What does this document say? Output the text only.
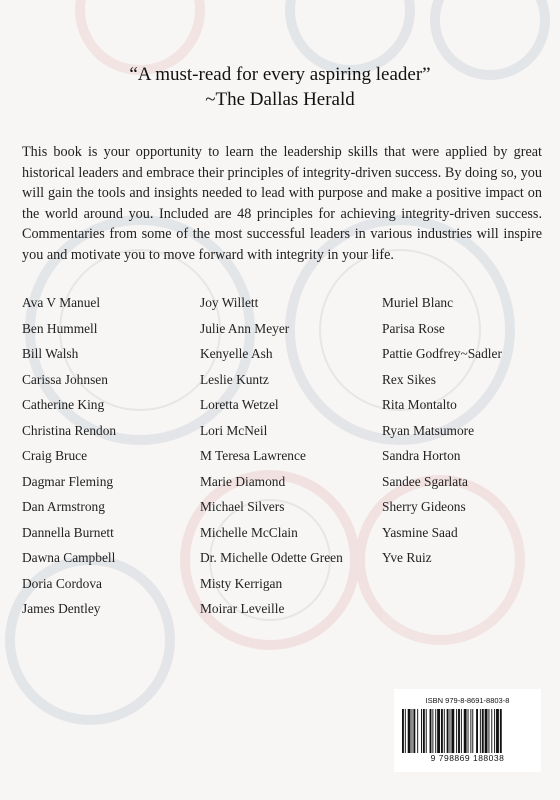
“A must-read for every aspiring leader”
~The Dallas Herald
This book is your opportunity to learn the leadership skills that were applied by great historical leaders and embrace their principles of integrity-driven success. By doing so, you will gain the tools and insights needed to lead with purpose and make a positive impact on the world around you. Included are 48 principles for achieving integrity-driven success. Commentaries from some of the most successful leaders in various industries will inspire you and motivate you to move forward with integrity in your life.
Ava V Manuel
Ben Hummell
Bill Walsh
Carissa Johnsen
Catherine King
Christina Rendon
Craig Bruce
Dagmar Fleming
Dan Armstrong
Dannella Burnett
Dawna Campbell
Doria Cordova
James Dentley
Joy Willett
Julie Ann Meyer
Kenyelle Ash
Leslie Kuntz
Loretta Wetzel
Lori McNeil
M Teresa Lawrence
Marie Diamond
Michael Silvers
Michelle McClain
Dr. Michelle Odette Green
Misty Kerrigan
Moirar Leveille
Muriel Blanc
Parisa Rose
Pattie Godfrey~Sadler
Rex Sikes
Rita Montalto
Ryan Matsumore
Sandra Horton
Sandee Sgarlata
Sherry Gideons
Yasmine Saad
Yve Ruiz
ISBN 979-8-8691-8803-8
9 798869 188038
